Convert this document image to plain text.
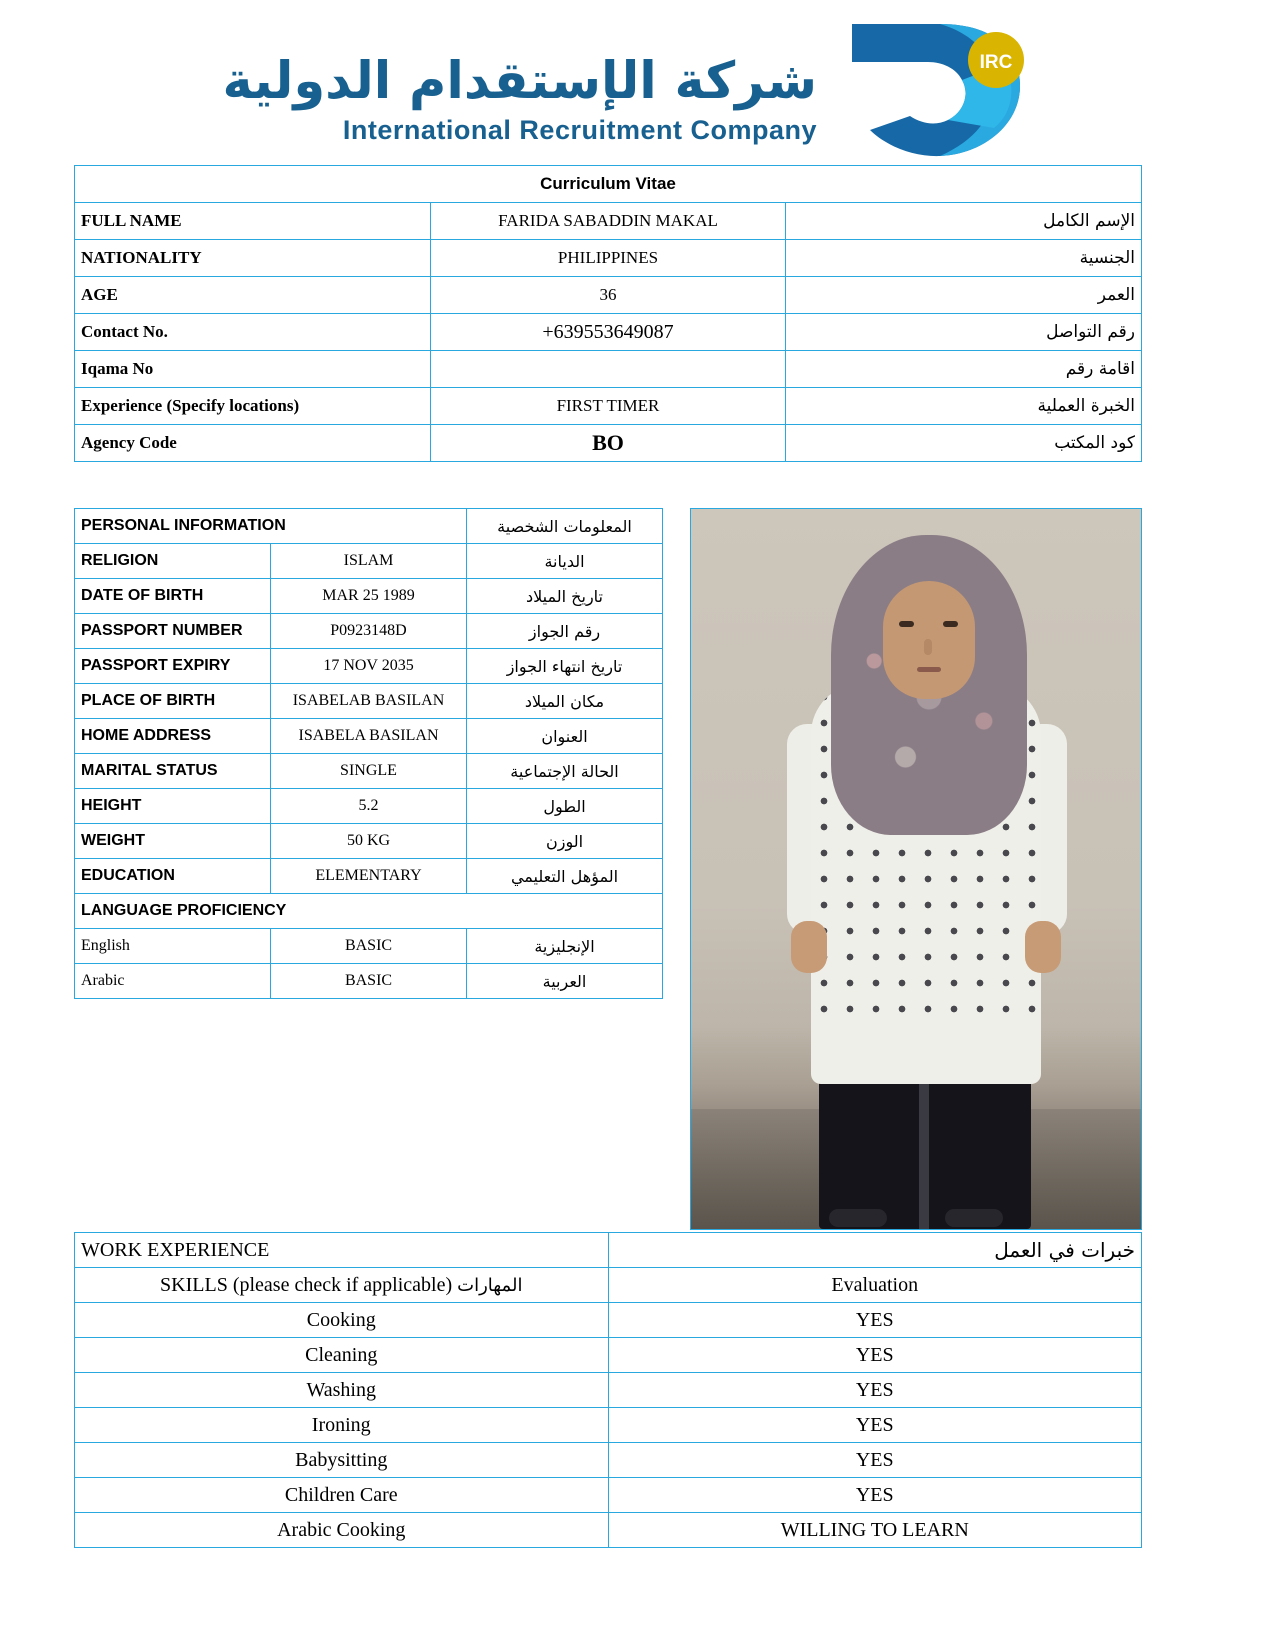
شركة الإستقدام الدولية
International Recruitment Company
IRC
Curriculum Vitae		
FULL NAME	FARIDA SABADDIN MAKAL	الإسم الكامل
NATIONALITY	PHILIPPINES	الجنسية
AGE	36	العمر
Contact No.	+639553649087	رقم التواصل
Iqama No		اقامة رقم
Experience (Specify locations)	FIRST TIMER	الخبرة العملية
Agency Code	BO	كود المكتب
PERSONAL INFORMATION		المعلومات الشخصية
RELIGION	ISLAM	الديانة
DATE OF BIRTH	MAR 25 1989	تاريخ الميلاد
PASSPORT NUMBER	P0923148D	رقم الجواز
PASSPORT EXPIRY	17 NOV 2035	تاريخ انتهاء الجواز
PLACE OF BIRTH	ISABELAB BASILAN	مكان الميلاد
HOME ADDRESS	ISABELA BASILAN	العنوان
MARITAL STATUS	SINGLE	الحالة الإجتماعية
HEIGHT	5.2	الطول
WEIGHT	50 KG	الوزن
EDUCATION	ELEMENTARY	المؤهل التعليمي
LANGUAGE PROFICIENCY		
English	BASIC	الإنجليزية
Arabic	BASIC	العربية
WORK EXPERIENCE	خبرات في العمل
SKILLS (please check if applicable) المهارات	Evaluation
Cooking	YES
Cleaning	YES
Washing	YES
Ironing	YES
Babysitting	YES
Children Care	YES
Arabic Cooking	WILLING TO LEARN
